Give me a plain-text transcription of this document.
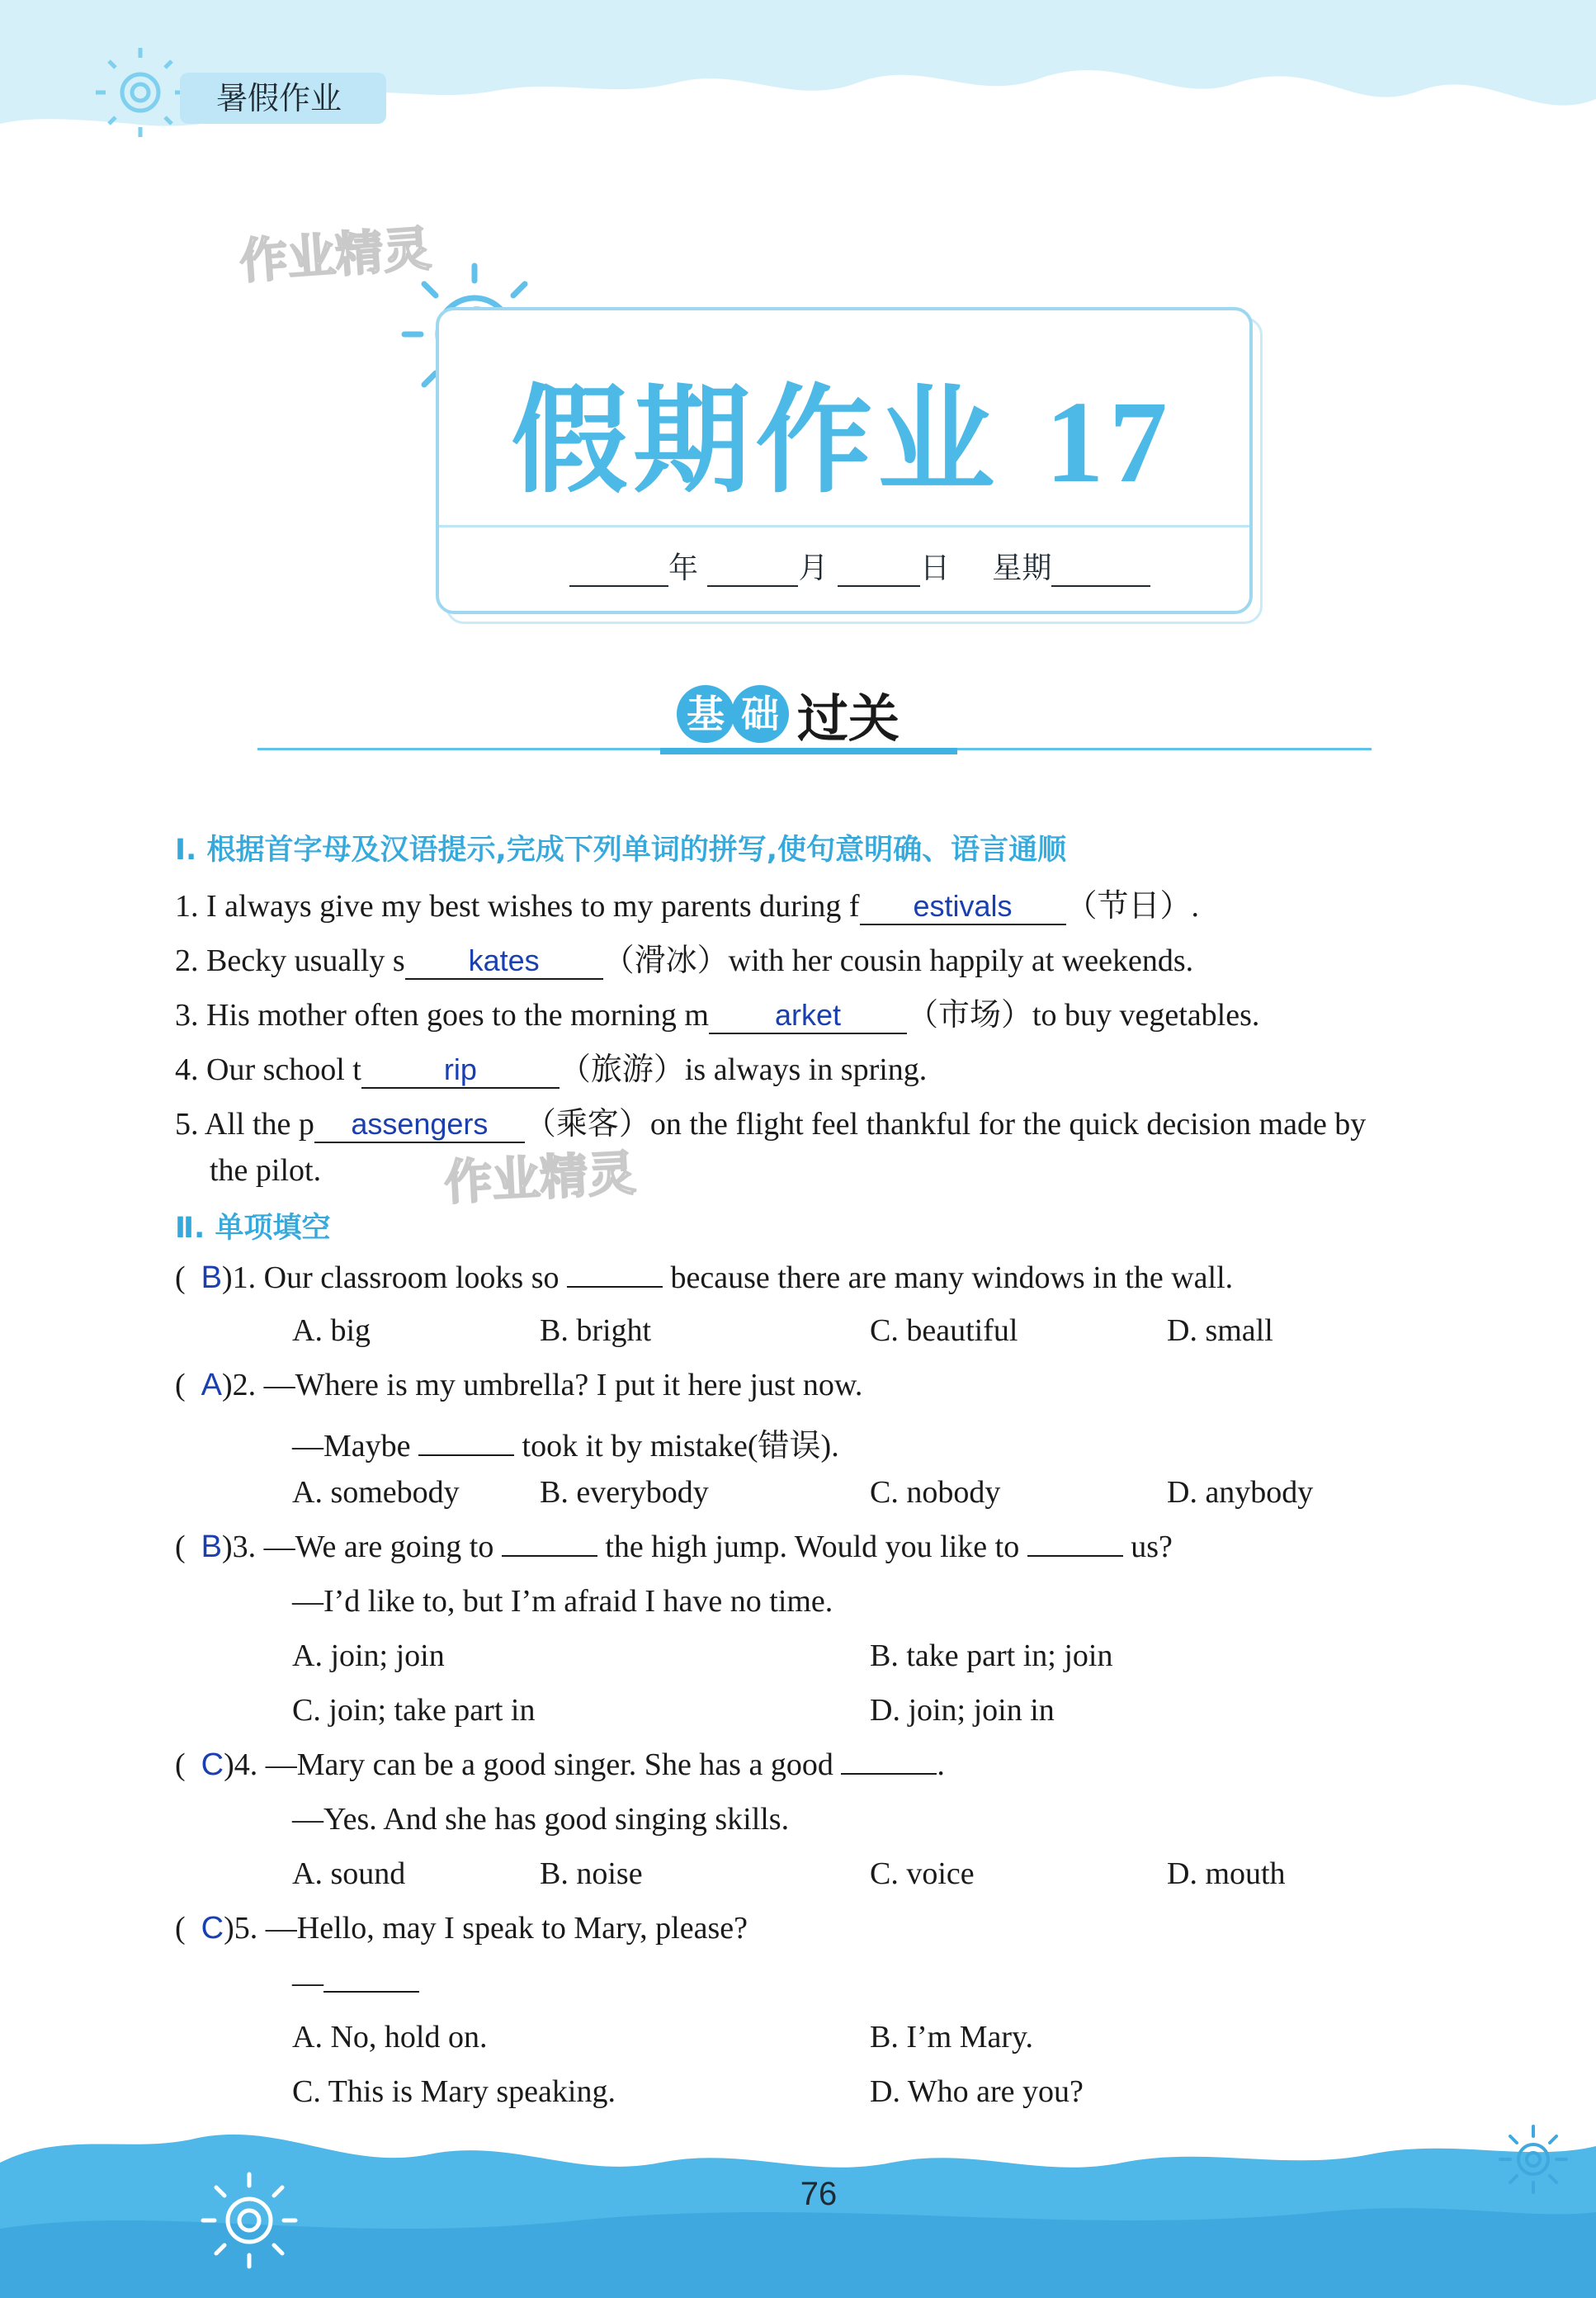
暑假作业
作业精灵
假期作业 17
年	月	日 星期
基 础 过关
Ⅰ. 根据首字母及汉语提示,完成下列单词的拼写,使句意明确、语言通顺
1. I always give my best wishes to my parents during f estivals （节日）.
2. Becky usually s kates （滑冰）with her cousin happily at weekends.
3. His mother often goes to the morning m arket （市场）to buy vegetables.
4. Our school t	rip	（旅游）is always in spring.
5. All the p assengers （乘客）on the flight feel thankful for the quick decision made by
the pilot.	作业精灵
Ⅱ. 单项填空
(  B)1. Our classroom looks so	because there are many windows in the wall.
A. big	B. bright	C. beautiful	D. small
(  A)2. —Where is my umbrella? I put it here just now.
—Maybe	took it by mistake(错误).
A. somebody	B. everybody	C. nobody	D. anybody
(  B)3. —We are going to	the high jump. Would you like to	us?
—I’d like to, but I’m afraid I have no time.
A. join; join	B. take part in; join
C. join; take part in	D. join; join in
(  C)4. —Mary can be a good singer. She has a good	.
—Yes. And she has good singing skills.
A. sound	B. noise	C. voice	D. mouth
(  C)5. —Hello, may I speak to Mary, please?
—
A. No, hold on.	B. I’m Mary.
C. This is Mary speaking.	D. Who are you?
76
